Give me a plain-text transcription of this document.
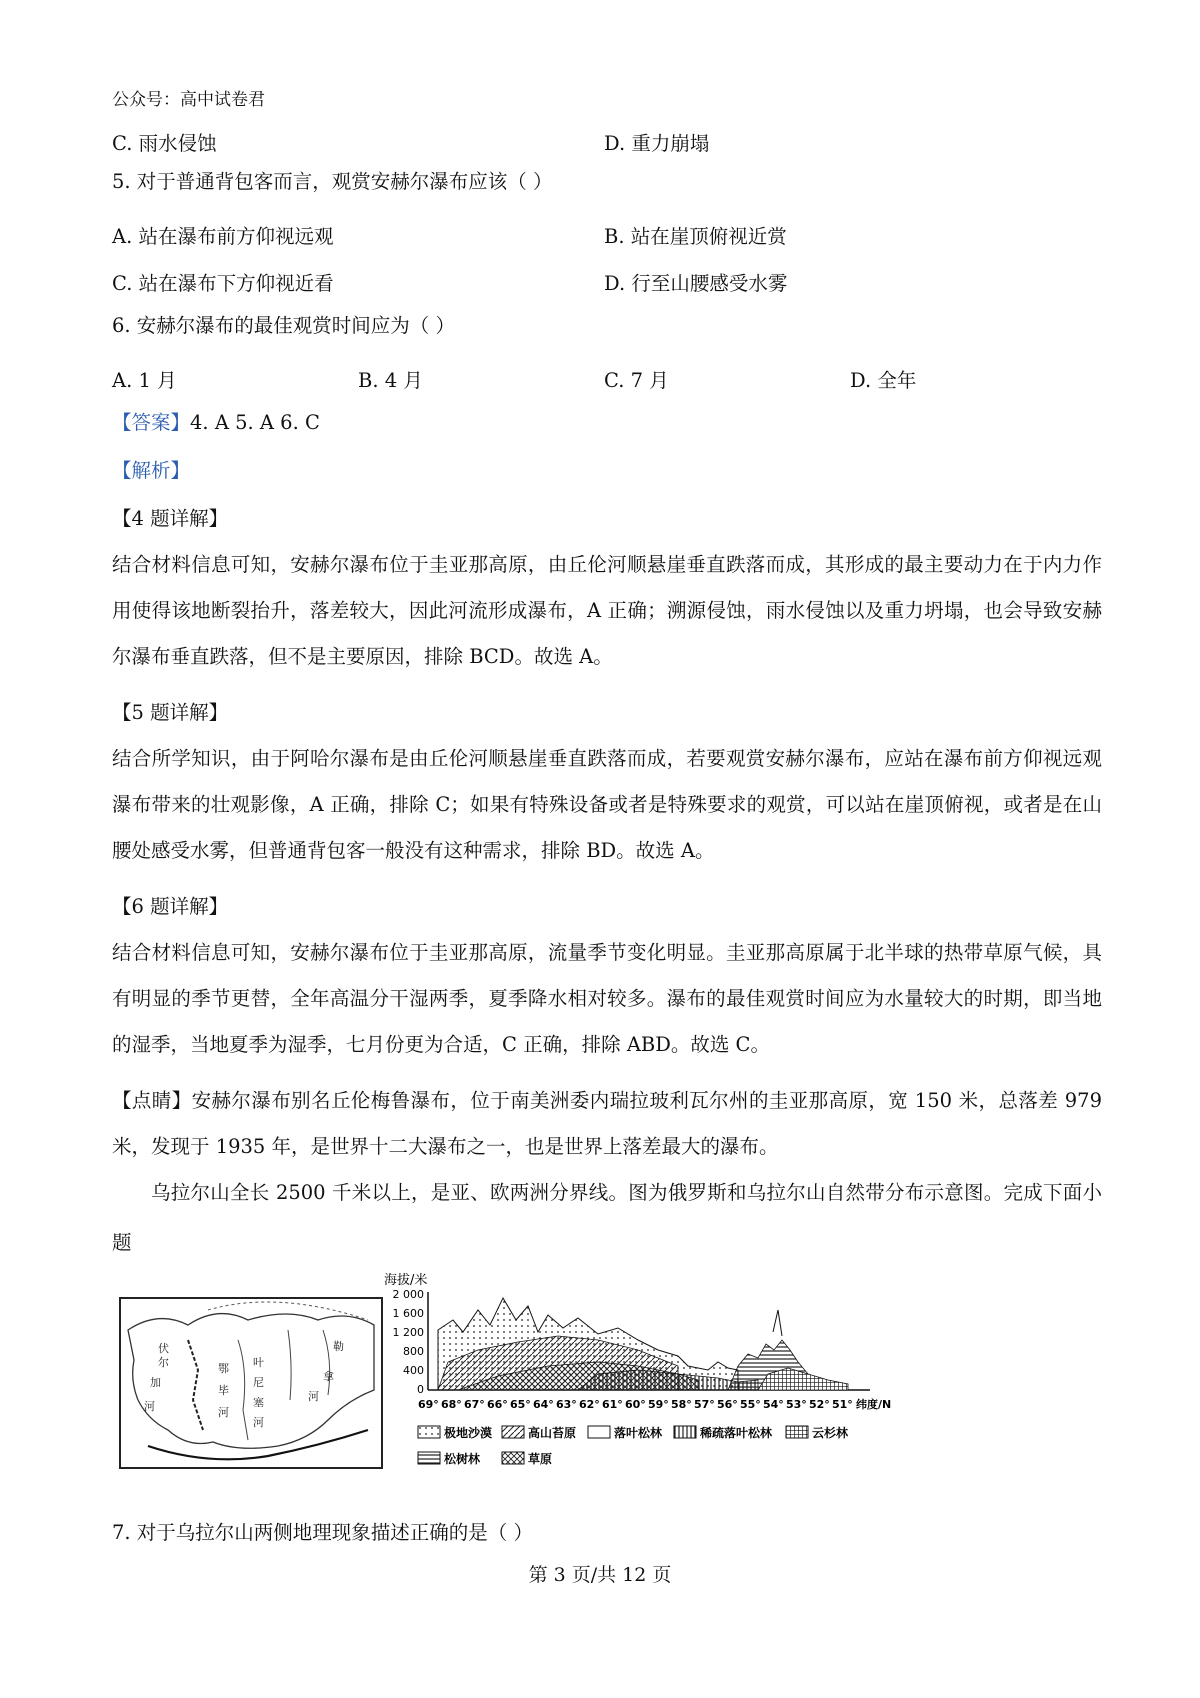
公众号：高中试卷君
C. 雨水侵蚀	D. 重力崩塌
5. 对于普通背包客而言，观赏安赫尔瀑布应该（ ）
A. 站在瀑布前方仰视远观	B. 站在崖顶俯视近赏
C. 站在瀑布下方仰视近看	D. 行至山腰感受水雾
6. 安赫尔瀑布的最佳观赏时间应为（ ）
A. 1 月	B. 4 月	C. 7 月	D. 全年
【答案】4. A 5. A 6. C
【解析】
【4 题详解】
结合材料信息可知，安赫尔瀑布位于圭亚那高原，由丘伦河顺悬崖垂直跌落而成，其形成的最主要动力在于内力作用使得该地断裂抬升，落差较大，因此河流形成瀑布，A 正确；溯源侵蚀，雨水侵蚀以及重力坍塌，也会导致安赫尔瀑布垂直跌落，但不是主要原因，排除 BCD。故选 A。
【5 题详解】
结合所学知识，由于阿哈尔瀑布是由丘伦河顺悬崖垂直跌落而成，若要观赏安赫尔瀑布，应站在瀑布前方仰视远观瀑布带来的壮观影像，A 正确，排除 C；如果有特殊设备或者是特殊要求的观赏，可以站在崖顶俯视，或者是在山腰处感受水雾，但普通背包客一般没有这种需求，排除 BD。故选 A。
【6 题详解】
结合材料信息可知，安赫尔瀑布位于圭亚那高原，流量季节变化明显。圭亚那高原属于北半球的热带草原气候，具有明显的季节更替，全年高温分干湿两季，夏季降水相对较多。瀑布的最佳观赏时间应为水量较大的时期，即当地的湿季，当地夏季为湿季，七月份更为合适，C 正确，排除 ABD。故选 C。
【点睛】安赫尔瀑布别名丘伦梅鲁瀑布，位于南美洲委内瑞拉玻利瓦尔州的圭亚那高原，宽 150 米，总落差 979 米，发现于 1935 年，是世界十二大瀑布之一，也是世界上落差最大的瀑布。
乌拉尔山全长 2500 千米以上，是亚、欧两洲分界线。图为俄罗斯和乌拉尔山自然带分布示意图。完成下面小题
伏
尔
加
河
鄂
毕
河
叶
尼
塞
河
勒
拿
河
海拔/米
2 000
1 600
1 200
800
400
0
69° 68° 67° 66° 65° 64° 63° 62° 61° 60° 59° 58° 57° 56° 55° 54° 53° 52° 51° 纬度/N
极地沙漠	高山苔原	落叶松林	稀疏落叶松林	云杉林
松树林	草原
7. 对于乌拉尔山两侧地理现象描述正确的是（ ）
第 3 页/共 12 页
